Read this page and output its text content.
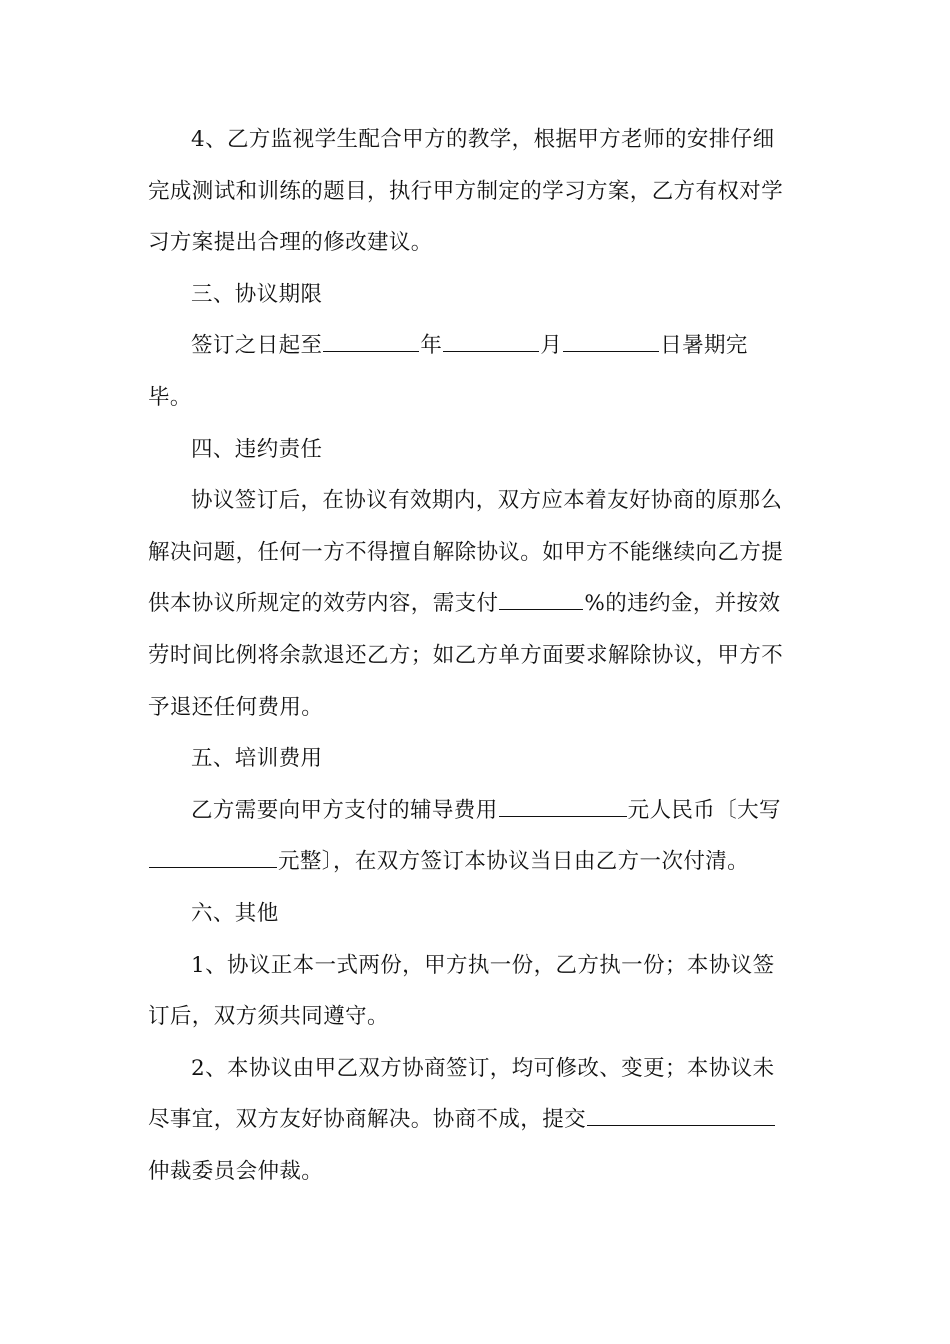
4、乙方监视学生配合甲方的教学，根据甲方老师的安排仔细
完成测试和训练的题目，执行甲方制定的学习方案，乙方有权对学
习方案提出合理的修改建议。
三、协议期限
签订之日起至	年	月	日暑期完
毕。
四、违约责任
协议签订后，在协议有效期内，双方应本着友好协商的原那么
解决问题，任何一方不得擅自解除协议。如甲方不能继续向乙方提
供本协议所规定的效劳内容，需支付	%的违约金，并按效
劳时间比例将余款退还乙方；如乙方单方面要求解除协议，甲方不
予退还任何费用。
五、培训费用
乙方需要向甲方支付的辅导费用	元人民币〔大写
元整〕，在双方签订本协议当日由乙方一次付清。
六、其他
1、协议正本一式两份，甲方执一份，乙方执一份；本协议签
订后，双方须共同遵守。
2、本协议由甲乙双方协商签订，均可修改、变更；本协议未
尽事宜，双方友好协商解决。协商不成，提交
仲裁委员会仲裁。
